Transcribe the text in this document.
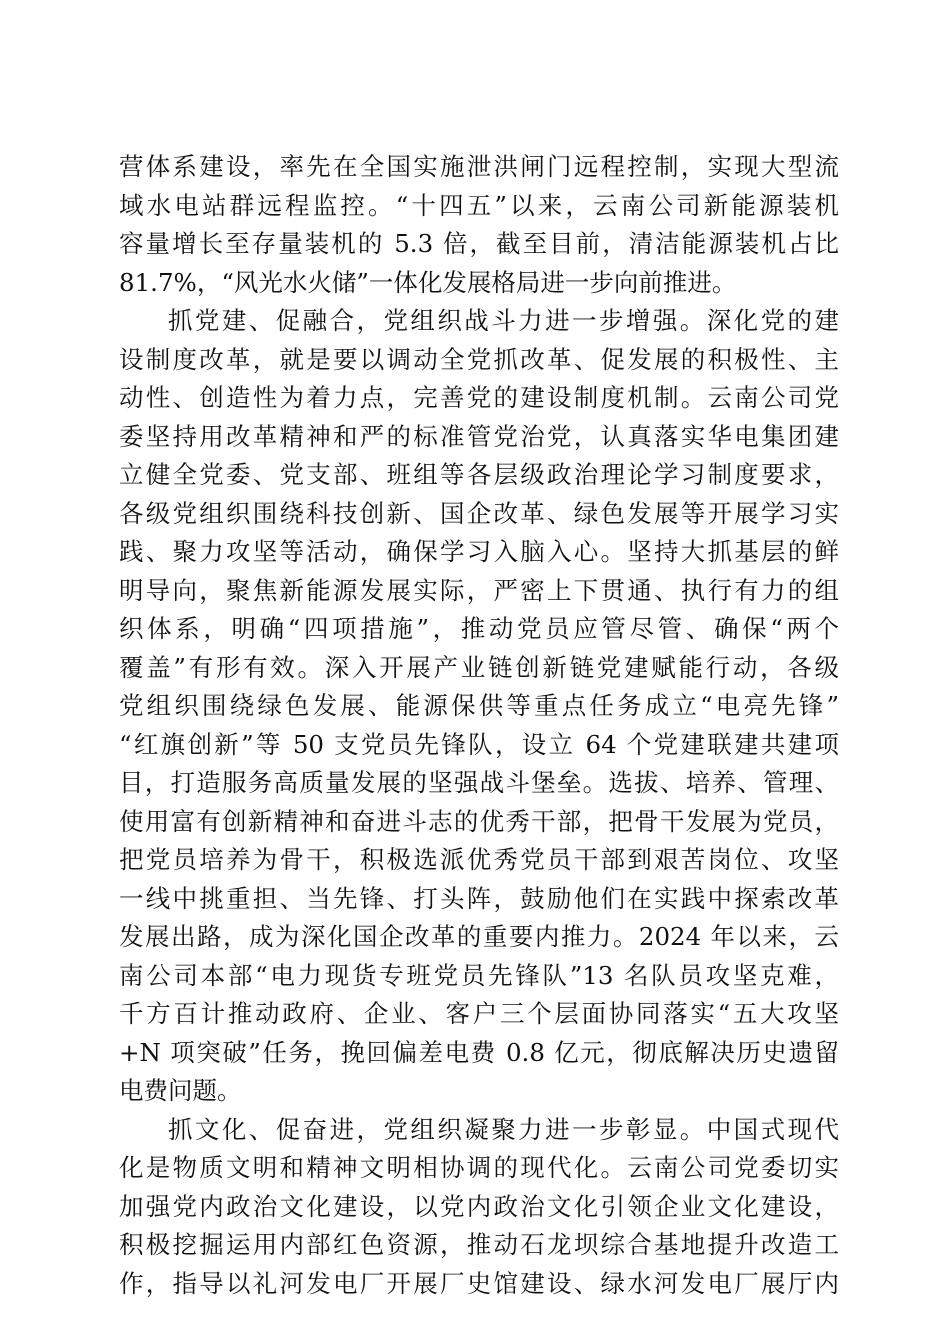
营体系建设，率先在全国实施泄洪闸门远程控制，实现大型流
域水电站群远程监控。“十四五”以来，云南公司新能源装机
容量增长至存量装机的 5.3 倍，截至目前，清洁能源装机占比
81.7%，“风光水火储”一体化发展格局进一步向前推进。
抓党建、促融合，党组织战斗力进一步增强。深化党的建
设制度改革，就是要以调动全党抓改革、促发展的积极性、主
动性、创造性为着力点，完善党的建设制度机制。云南公司党
委坚持用改革精神和严的标准管党治党，认真落实华电集团建
立健全党委、党支部、班组等各层级政治理论学习制度要求，
各级党组织围绕科技创新、国企改革、绿色发展等开展学习实
践、聚力攻坚等活动，确保学习入脑入心。坚持大抓基层的鲜
明导向，聚焦新能源发展实际，严密上下贯通、执行有力的组
织体系，明确“四项措施”，推动党员应管尽管、确保“两个
覆盖”有形有效。深入开展产业链创新链党建赋能行动，各级
党组织围绕绿色发展、能源保供等重点任务成立“电亮先锋”
“红旗创新”等 50 支党员先锋队，设立 64 个党建联建共建项
目，打造服务高质量发展的坚强战斗堡垒。选拔、培养、管理、
使用富有创新精神和奋进斗志的优秀干部，把骨干发展为党员，
把党员培养为骨干，积极选派优秀党员干部到艰苦岗位、攻坚
一线中挑重担、当先锋、打头阵，鼓励他们在实践中探索改革
发展出路，成为深化国企改革的重要内推力。2024 年以来，云
南公司本部“电力现货专班党员先锋队”13 名队员攻坚克难，
千方百计推动政府、企业、客户三个层面协同落实“五大攻坚
+N 项突破”任务，挽回偏差电费 0.8 亿元，彻底解决历史遗留
电费问题。
抓文化、促奋进，党组织凝聚力进一步彰显。中国式现代
化是物质文明和精神文明相协调的现代化。云南公司党委切实
加强党内政治文化建设，以党内政治文化引领企业文化建设，
积极挖掘运用内部红色资源，推动石龙坝综合基地提升改造工
作，指导以礼河发电厂开展厂史馆建设、绿水河发电厂展厅内
